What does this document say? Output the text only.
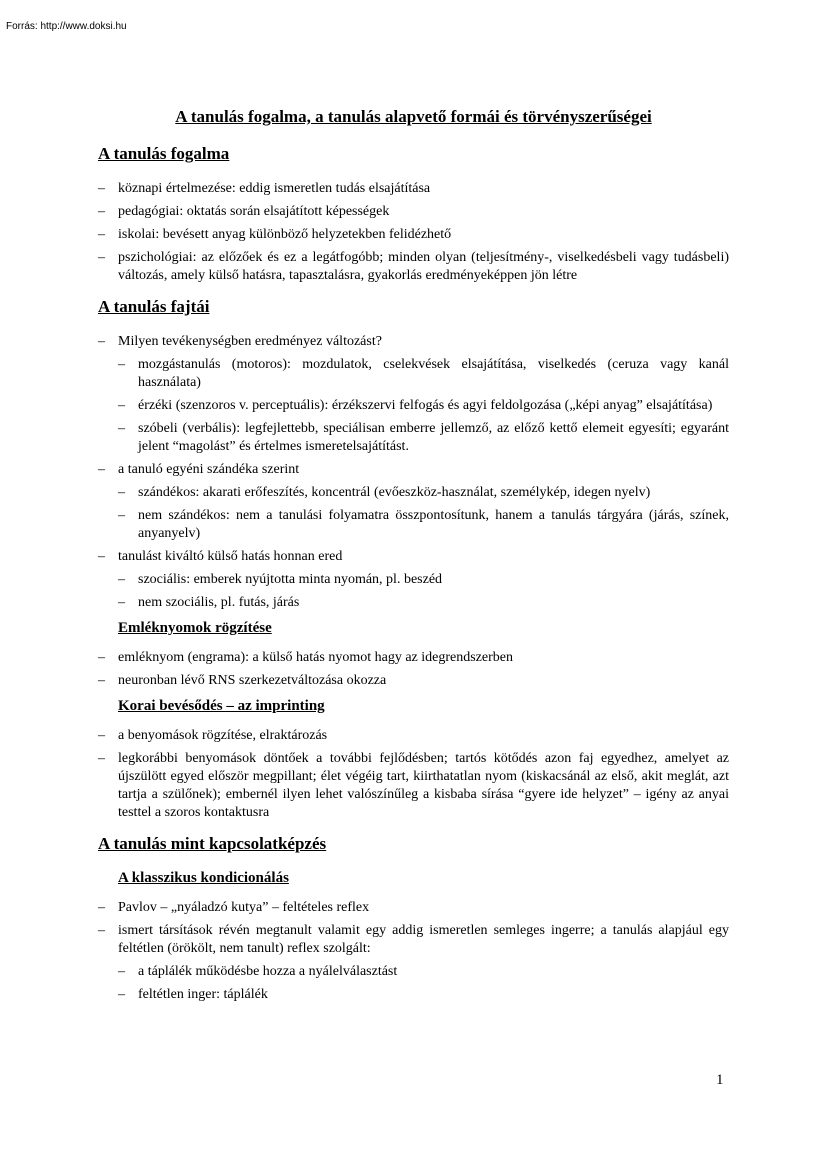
Forrás: http://www.doksi.hu
A tanulás fogalma, a tanulás alapvető formái és törvényszerűségei
A tanulás fogalma
– köznapi értelmezése: eddig ismeretlen tudás elsajátítása
– pedagógiai: oktatás során elsajátított képességek
– iskolai: bevésett anyag különböző helyzetekben felidézhető
– pszichológiai: az előzőek és ez a legátfogóbb; minden olyan (teljesítmény-, viselkedésbeli vagy tudásbeli) változás, amely külső hatásra, tapasztalásra, gyakorlás eredményeképpen jön létre
A tanulás fajtái
– Milyen tevékenységben eredményez változást?
– mozgástanulás (motoros): mozdulatok, cselekvések elsajátítása, viselkedés (ceruza vagy kanál használata)
– érzéki (szenzoros v. perceptuális): érzékszervi felfogás és agyi feldolgozása („képi anyag” elsajátítása)
– szóbeli (verbális): legfejlettebb, speciálisan emberre jellemző, az előző kettő elemeit egyesíti; egyaránt jelent “magolást” és értelmes ismeretelsajátítást.
– a tanuló egyéni szándéka szerint
– szándékos: akarati erőfeszítés, koncentrál (evőeszköz-használat, személykép, idegen nyelv)
– nem szándékos: nem a tanulási folyamatra összpontosítunk, hanem a tanulás tárgyára (járás, színek, anyanyelv)
– tanulást kiváltó külső hatás honnan ered
– szociális: emberek nyújtotta minta nyomán, pl. beszéd
– nem szociális, pl. futás, járás
Emléknyomok rögzítése
– emléknyom (engrama): a külső hatás nyomot hagy az idegrendszerben
– neuronban lévő RNS szerkezetváltozása okozza
Korai bevésődés – az imprinting
– a benyomások rögzítése, elraktározás
– legkorábbi benyomások döntőek a további fejlődésben; tartós kötődés azon faj egyedhez, amelyet az újszülött egyed először megpillant; élet végéig tart, kiirthatatlan nyom (kiskacsánál az első, akit meglát, azt tartja a szülőnek); embernél ilyen lehet valószínűleg a kisbaba sírása “gyere ide helyzet” – igény az anyai testtel a szoros kontaktusra
A tanulás mint kapcsolatképzés
A klasszikus kondicionálás
– Pavlov – „nyáladzó kutya” – feltételes reflex
– ismert társítások révén megtanult valamit egy addig ismeretlen semleges ingerre; a tanulás alapjául egy feltétlen (örökölt, nem tanult) reflex szolgált:
– a táplálék működésbe hozza a nyálelválasztást
– feltétlen inger: táplálék
1
